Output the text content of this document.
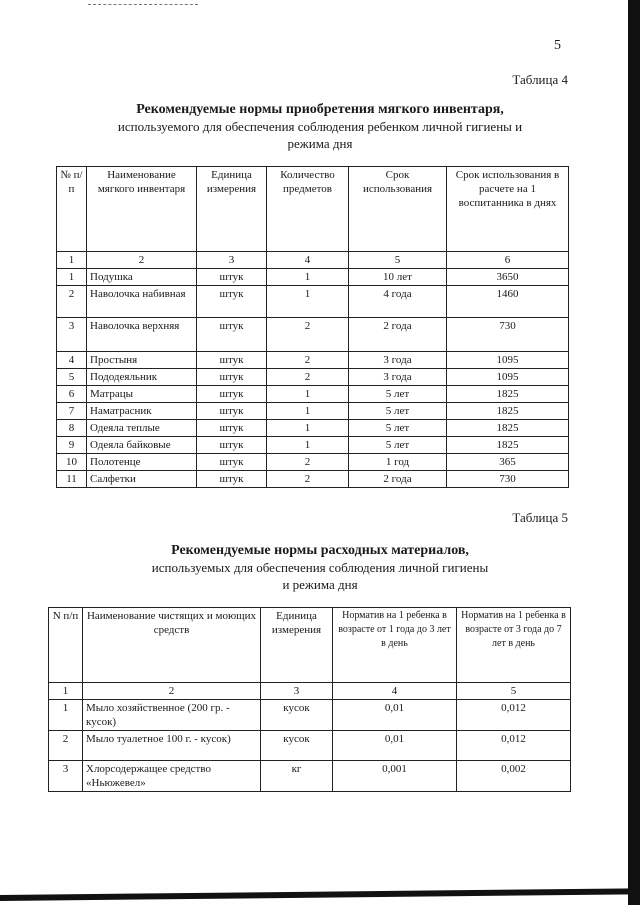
5
Таблица 4
Рекомендуемые нормы приобретения мягкого инвентаря,
используемого для обеспечения соблюдения ребенком личной гигиены и
режима дня
№ п/п	Наименование мягкого инвентаря	Единица измерения	Количество предметов	Срок использования	Срок использования в расчете на 1 воспитанника в днях
1	2	3	4	5	6
1	Подушка	штук	1	10 лет	3650
2	Наволочка набивная	штук	1	4 года	1460
3	Наволочка верхняя	штук	2	2 года	730
4	Простыня	штук	2	3 года	1095
5	Пододеяльник	штук	2	3 года	1095
6	Матрацы	штук	1	5 лет	1825
7	Наматрасник	штук	1	5 лет	1825
8	Одеяла теплые	штук	1	5 лет	1825
9	Одеяла байковые	штук	1	5 лет	1825
10	Полотенце	штук	2	1 год	365
11	Салфетки	штук	2	2 года	730
Таблица 5
Рекомендуемые нормы расходных материалов,
используемых для обеспечения соблюдения личной гигиены
и режима дня
N п/п	Наименование чистящих и моющих средств	Единица измерения	Норматив на 1 ребенка в возрасте от 1 года до 3 лет в день	Норматив на 1 ребенка в возрасте от 3 года до 7 лет в день
1	2	3	4	5
1	Мыло хозяйственное (200 гр. - кусок)	кусок	0,01	0,012
2	Мыло туалетное 100 г. - кусок)	кусок	0,01	0,012
3	Хлорсодержащее средство «Ньюжевел»	кг	0,001	0,002
